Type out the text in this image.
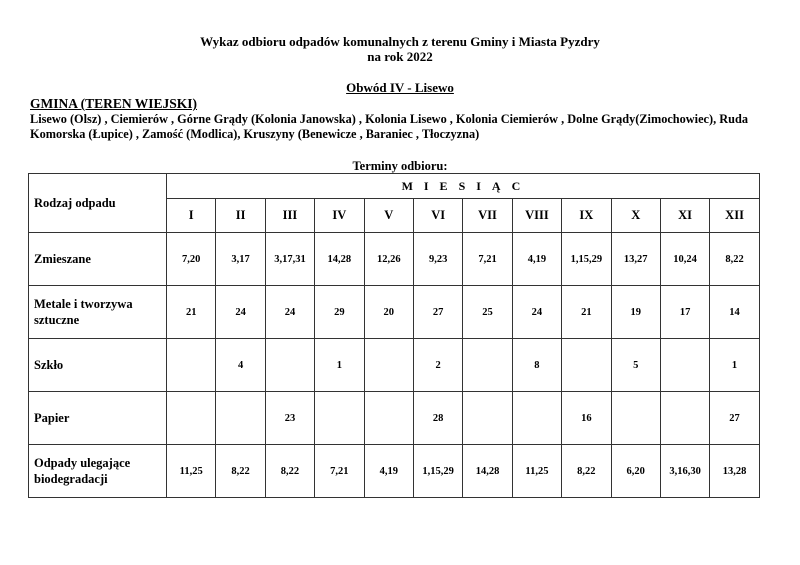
Wykaz odbioru odpadów komunalnych z terenu Gminy i Miasta Pyzdry
na rok 2022
Obwód IV - Lisewo
GMINA (TEREN WIEJSKI)
Lisewo (Olsz) , Ciemierów , Górne Grądy (Kolonia Janowska) , Kolonia Lisewo , Kolonia Ciemierów , Dolne Grądy(Zimochowiec), Ruda Komorska (Łupice) , Zamość (Modlica), Kruszyny (Benewicze , Baraniec , Tłoczyzna)
Terminy odbioru:
Rodzaj odpadu	M I E S I Ą C											
	I	II	III	IV	V	VI	VII	VIII	IX	X	XI	XII
Zmieszane	7,20	3,17	3,17,31	14,28	12,26	9,23	7,21	4,19	1,15,29	13,27	10,24	8,22
Metale i tworzywa sztuczne	21	24	24	29	20	27	25	24	21	19	17	14
Szkło		4		1		2		8		5		1
Papier			23			28			16			27
Odpady ulegające biodegradacji	11,25	8,22	8,22	7,21	4,19	1,15,29	14,28	11,25	8,22	6,20	3,16,30	13,28
